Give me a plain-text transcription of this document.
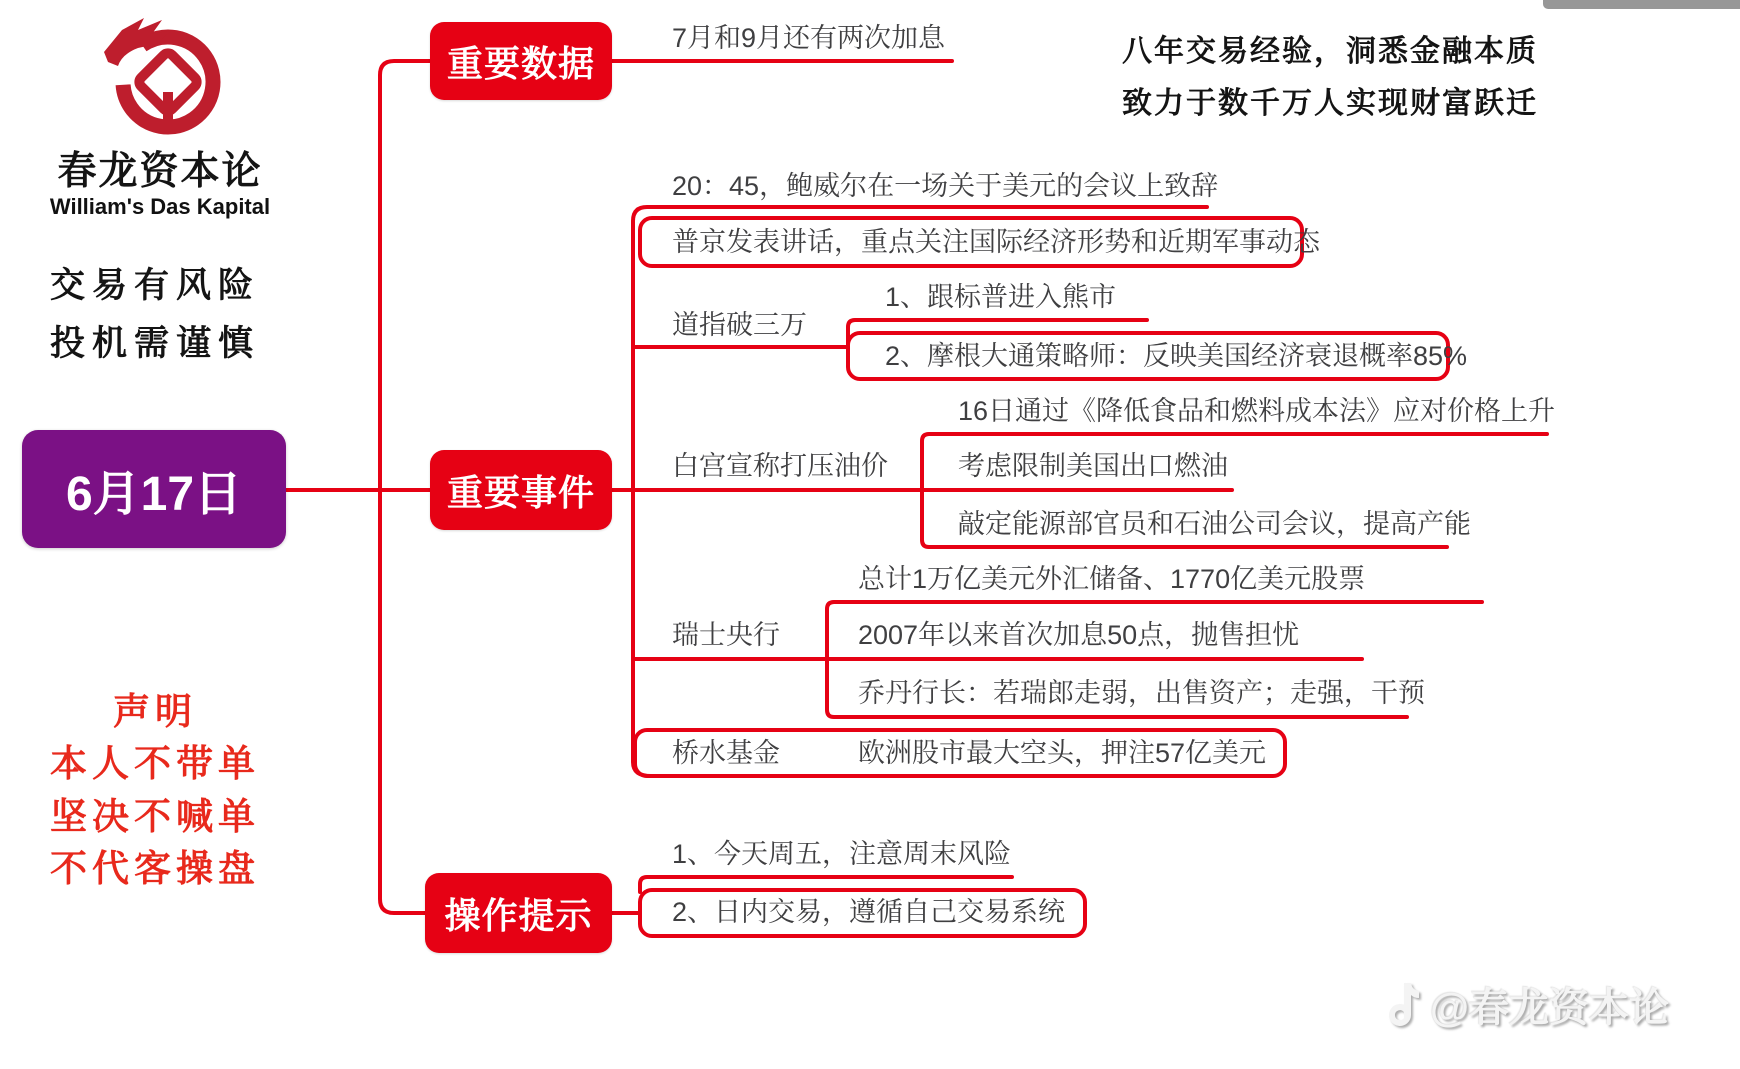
春龙资本论
William's Das Kapital
交易有风险
投机需谨慎
八年交易经验，洞悉金融本质
致力于数千万人实现财富跃迁
声明
本人不带单
坚决不喊单
不代客操盘
6月17日
重要数据
重要事件
操作提示
7月和9月还有两次加息
20：45，鲍威尔在一场关于美元的会议上致辞
普京发表讲话，重点关注国际经济形势和近期军事动态
道指破三万
1、跟标普进入熊市
2、摩根大通策略师：反映美国经济衰退概率85%
白宫宣称打压油价
16日通过《降低食品和燃料成本法》应对价格上升
考虑限制美国出口燃油
敲定能源部官员和石油公司会议，提高产能
瑞士央行
总计1万亿美元外汇储备、1770亿美元股票
2007年以来首次加息50点，抛售担忧
乔丹行长：若瑞郎走弱，出售资产；走强，干预
桥水基金	欧洲股市最大空头，押注57亿美元
1、今天周五，注意周末风险
2、日内交易，遵循自己交易系统
@春龙资本论
